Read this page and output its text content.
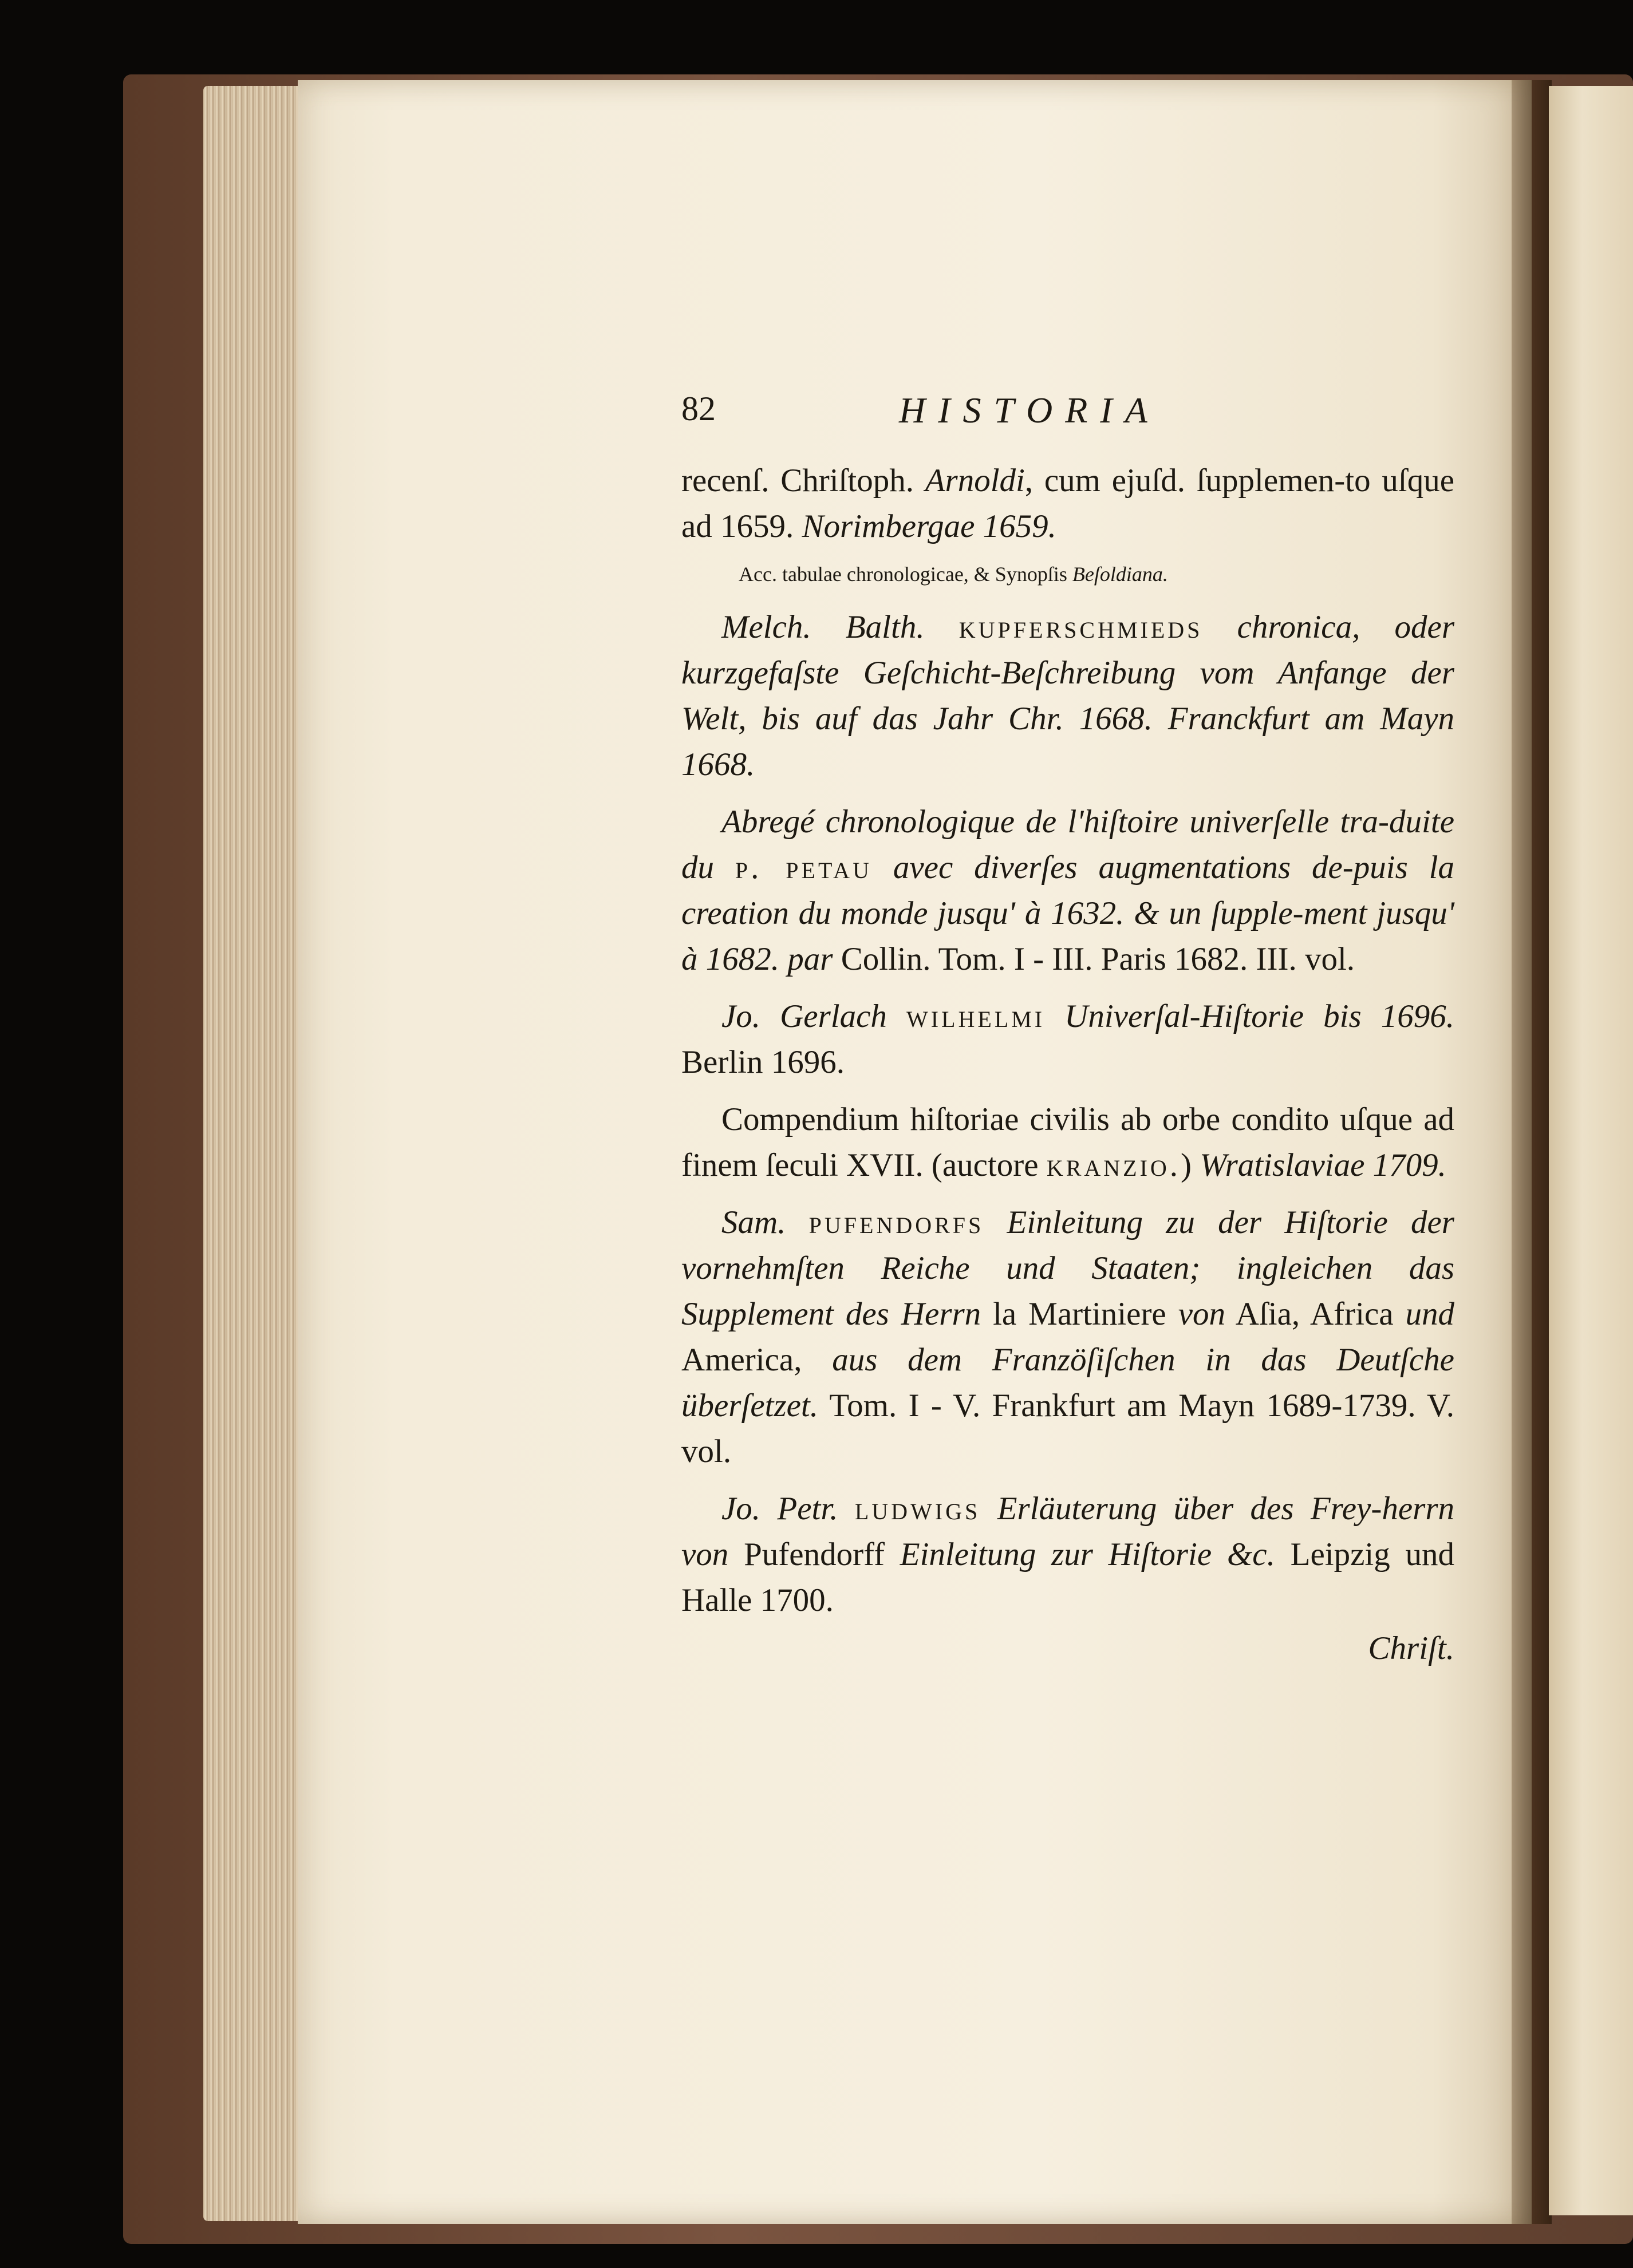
82	HISTORIA

recenſ. Chriſtoph. Arnoldi, cum ejuſd. ſupplemen-to uſque ad 1659. Norimbergae 1659.

Acc. tabulae chronologicae, & Synopſis Beſoldiana.

Melch. Balth. kupferschmieds chronica, oder kurzgefaſste Geſchicht-Beſchreibung vom Anfange der Welt, bis auf das Jahr Chr. 1668. Franckfurt am Mayn 1668.

Abregé chronologique de l'hiſtoire univerſelle tra-duite du p. petau avec diverſes augmentations de-puis la creation du monde jusqu' à 1632. & un ſupple-ment jusqu' à 1682. par Collin. Tom. I - III. Paris 1682. III. vol.

Jo. Gerlach wilhelmi Univerſal-Hiſtorie bis 1696. Berlin 1696.

Compendium hiſtoriae civilis ab orbe condito uſque ad finem ſeculi XVII. (auctore kranzio.) Wratislaviae 1709.

Sam. pufendorfs Einleitung zu der Hiſtorie der vornehmſten Reiche und Staaten; ingleichen das Supplement des Herrn la Martiniere von Aſia, Africa und America, aus dem Franzöſiſchen in das Deutſche überſetzet. Tom. I - V. Frankfurt am Mayn 1689-1739. V. vol.

Jo. Petr. ludwigs Erläuterung über des Frey-herrn von Pufendorff Einleitung zur Hiſtorie &c. Leipzig und Halle 1700.

Chriſt.
